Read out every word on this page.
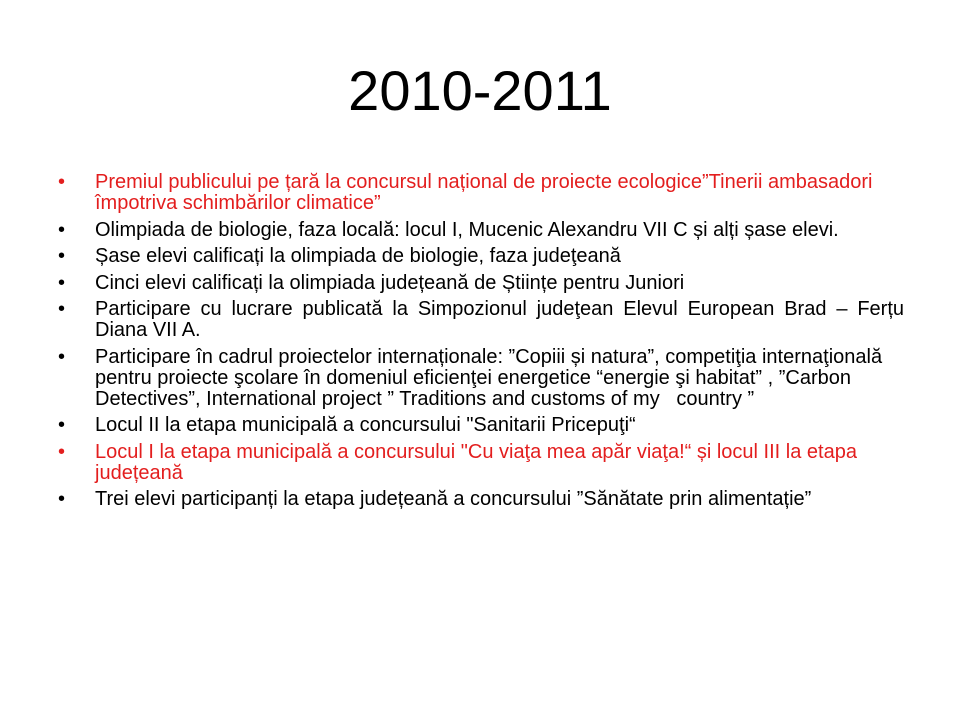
2010-2011
• Premiul publicului pe țară la concursul național de proiecte ecologice”Tinerii ambasadori împotriva schimbărilor climatice”
• Olimpiada de biologie, faza locală: locul I, Mucenic Alexandru VII C și alți șase elevi.
• Șase elevi calificați la olimpiada de biologie, faza judeţeană
• Cinci elevi calificați la olimpiada județeană de Științe pentru Juniori
• Participare cu lucrare publicată la Simpozionul judeţean Elevul European Brad – Ferțu Diana VII A.
• Participare în cadrul proiectelor internaționale: ”Copiii și natura”, competiţia internaţională pentru proiecte şcolare în domeniul eficienţei energetice “energie şi habitat” , ”Carbon Detectives”, International project ” Traditions and customs of my   country ”
• Locul II la etapa municipală a concursului "Sanitarii Pricepuţi“
• Locul I la etapa municipală a concursului "Cu viaţa mea apăr viaţa!“ și locul III la etapa județeană
• Trei elevi participanți la etapa județeană a concursului ”Sănătate prin alimentație”
